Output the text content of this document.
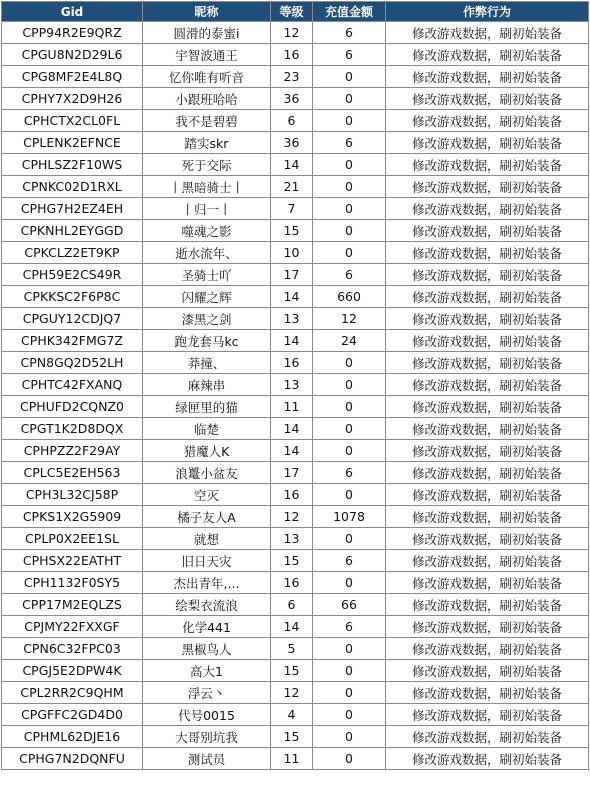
Gid	昵称	等级	充值金额	作弊行为
CPP94R2E9QRZ	圆滑的泰蜜i	12	6	修改游戏数据，刷初始装备
CPGU8N2D29L6	宇智波通王	16	6	修改游戏数据，刷初始装备
CPG8MF2E4L8Q	忆你唯有听音	23	0	修改游戏数据，刷初始装备
CPHY7X2D9H26	小跟班哈哈	36	0	修改游戏数据，刷初始装备
CPHCTX2CL0FL	我不是碧碧	6	0	修改游戏数据，刷初始装备
CPLENK2EFNCE	踏实skr	36	6	修改游戏数据，刷初始装备
CPHLSZ2F10WS	死于交际	14	0	修改游戏数据，刷初始装备
CPNKC02D1RXL	丨黑暗骑士丨	21	0	修改游戏数据，刷初始装备
CPHG7H2EZ4EH	丨归一丨	7	0	修改游戏数据，刷初始装备
CPKNHL2EYGGD	噬魂之影	15	0	修改游戏数据，刷初始装备
CPKCLZ2ET9KP	逝水流年、	10	0	修改游戏数据，刷初始装备
CPH59E2CS49R	圣骑士吖	17	6	修改游戏数据，刷初始装备
CPKKSC2F6P8C	闪耀之辉	14	660	修改游戏数据，刷初始装备
CPGUY12CDJQ7	漆黑之剑	13	12	修改游戏数据，刷初始装备
CPHK342FMG7Z	跑龙套马kc	14	24	修改游戏数据，刷初始装备
CPN8GQ2D52LH	莽撞、	16	0	修改游戏数据，刷初始装备
CPHTC42FXANQ	麻辣串	13	0	修改游戏数据，刷初始装备
CPHUFD2CQNZ0	绿匣里的猫	11	0	修改游戏数据，刷初始装备
CPGT1K2D8DQX	临楚	14	0	修改游戏数据，刷初始装备
CPHPZZ2F29AY	猎魔人K	14	0	修改游戏数据，刷初始装备
CPLC5E2EH563	浪鼍小盆友	17	6	修改游戏数据，刷初始装备
CPH3L32CJ58P	空灭	16	0	修改游戏数据，刷初始装备
CPKS1X2G5909	橘子友人A	12	1078	修改游戏数据，刷初始装备
CPLP0X2EE1SL	就想	13	0	修改游戏数据，刷初始装备
CPHSX22EATHT	旧日天灾	15	6	修改游戏数据，刷初始装备
CPH1132F0SY5	杰出青年,...	16	0	修改游戏数据，刷初始装备
CPP17M2EQLZS	绘梨衣流浪	6	66	修改游戏数据，刷初始装备
CPJMY22FXXGF	化学441	14	6	修改游戏数据，刷初始装备
CPN6C32FPC03	黑椒鸟人	5	0	修改游戏数据，刷初始装备
CPGJ5E2DPW4K	高大1	15	0	修改游戏数据，刷初始装备
CPL2RR2C9QHM	浮云丶	12	0	修改游戏数据，刷初始装备
CPGFFC2GD4D0	代号0015	4	0	修改游戏数据，刷初始装备
CPHML62DJE16	大哥别坑我	15	0	修改游戏数据，刷初始装备
CPHG7N2DQNFU	测试员	11	0	修改游戏数据，刷初始装备
